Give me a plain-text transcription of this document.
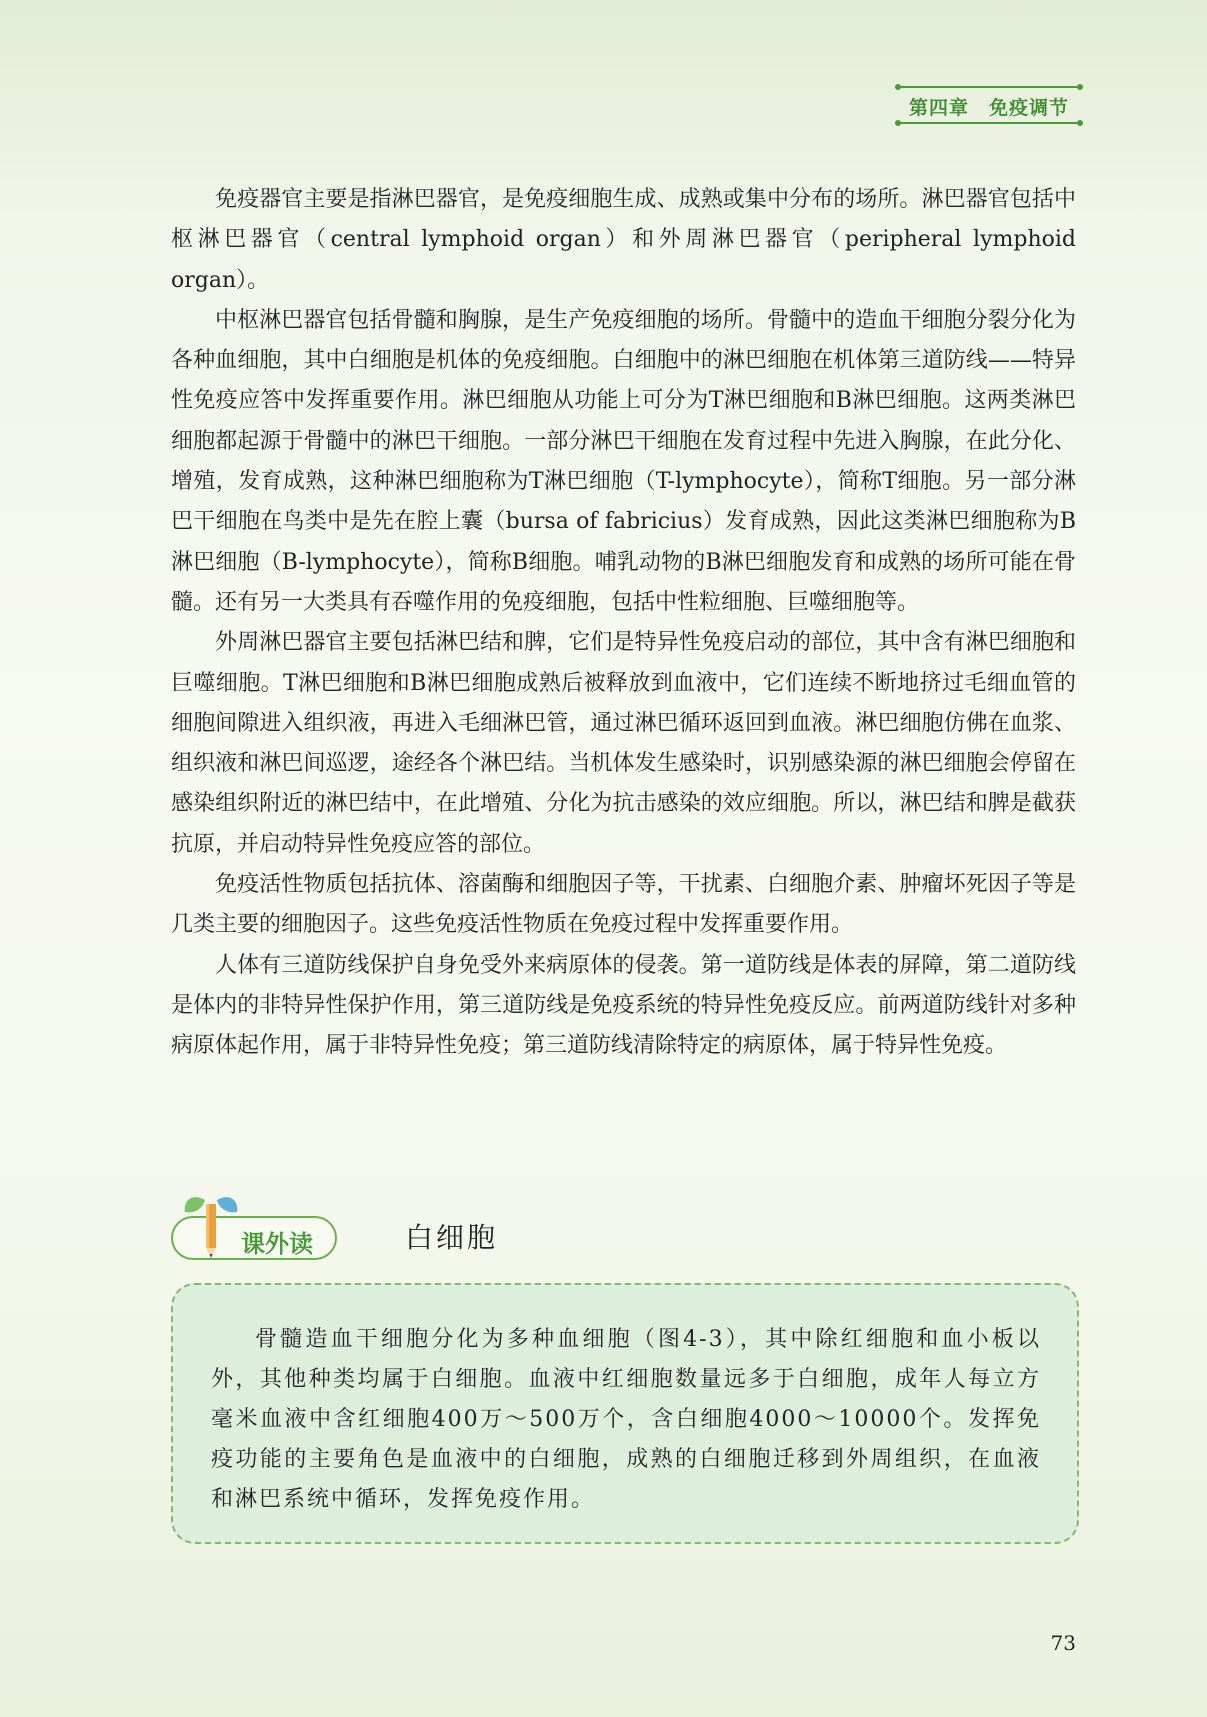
第四章　免疫调节

免疫器官主要是指淋巴器官，是免疫细胞生成、成熟或集中分布的场所。淋巴器官包括中枢淋巴器官（central lymphoid organ）和外周淋巴器官（peripheral lymphoid organ）。

中枢淋巴器官包括骨髓和胸腺，是生产免疫细胞的场所。骨髓中的造血干细胞分裂分化为各种血细胞，其中白细胞是机体的免疫细胞。白细胞中的淋巴细胞在机体第三道防线——特异性免疫应答中发挥重要作用。淋巴细胞从功能上可分为T淋巴细胞和B淋巴细胞。这两类淋巴细胞都起源于骨髓中的淋巴干细胞。一部分淋巴干细胞在发育过程中先进入胸腺，在此分化、增殖，发育成熟，这种淋巴细胞称为T淋巴细胞（T-lymphocyte），简称T细胞。另一部分淋巴干细胞在鸟类中是先在腔上囊（bursa of fabricius）发育成熟，因此这类淋巴细胞称为B淋巴细胞（B-lymphocyte），简称B细胞。哺乳动物的B淋巴细胞发育和成熟的场所可能在骨髓。还有另一大类具有吞噬作用的免疫细胞，包括中性粒细胞、巨噬细胞等。

外周淋巴器官主要包括淋巴结和脾，它们是特异性免疫启动的部位，其中含有淋巴细胞和巨噬细胞。T淋巴细胞和B淋巴细胞成熟后被释放到血液中，它们连续不断地挤过毛细血管的细胞间隙进入组织液，再进入毛细淋巴管，通过淋巴循环返回到血液。淋巴细胞仿佛在血浆、组织液和淋巴间巡逻，途经各个淋巴结。当机体发生感染时，识别感染源的淋巴细胞会停留在感染组织附近的淋巴结中，在此增殖、分化为抗击感染的效应细胞。所以，淋巴结和脾是截获抗原，并启动特异性免疫应答的部位。

免疫活性物质包括抗体、溶菌酶和细胞因子等，干扰素、白细胞介素、肿瘤坏死因子等是几类主要的细胞因子。这些免疫活性物质在免疫过程中发挥重要作用。

人体有三道防线保护自身免受外来病原体的侵袭。第一道防线是体表的屏障，第二道防线是体内的非特异性保护作用，第三道防线是免疫系统的特异性免疫反应。前两道防线针对多种病原体起作用，属于非特异性免疫；第三道防线清除特定的病原体，属于特异性免疫。

课外读	白细胞

骨髓造血干细胞分化为多种血细胞（图4-3），其中除红细胞和血小板以外，其他种类均属于白细胞。血液中红细胞数量远多于白细胞，成年人每立方毫米血液中含红细胞400万～500万个，含白细胞4000～10000个。发挥免疫功能的主要角色是血液中的白细胞，成熟的白细胞迁移到外周组织，在血液和淋巴系统中循环，发挥免疫作用。

73
